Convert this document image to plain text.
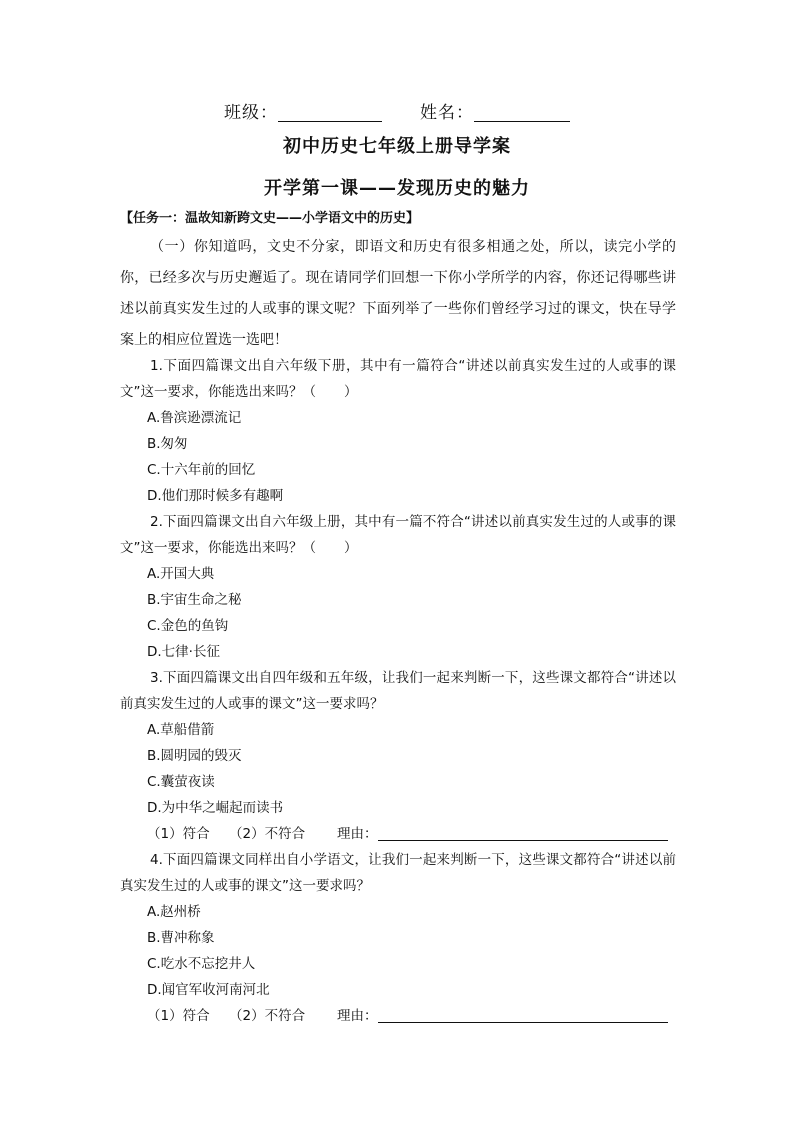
班级：	姓名：
初中历史七年级上册导学案
开学第一课——发现历史的魅力
【任务一：温故知新跨文史——小学语文中的历史】
（一）你知道吗，文史不分家，即语文和历史有很多相通之处，所以，读完小学的你，已经多次与历史邂逅了。现在请同学们回想一下你小学所学的内容，你还记得哪些讲述以前真实发生过的人或事的课文呢？下面列举了一些你们曾经学习过的课文，快在导学案上的相应位置选一选吧！
1.下面四篇课文出自六年级下册，其中有一篇符合“讲述以前真实发生过的人或事的课文”这一要求，你能选出来吗？（ ）
A.鲁滨逊漂流记
B.匆匆
C.十六年前的回忆
D.他们那时候多有趣啊
2.下面四篇课文出自六年级上册，其中有一篇不符合“讲述以前真实发生过的人或事的课文”这一要求，你能选出来吗？（ ）
A.开国大典
B.宇宙生命之秘
C.金色的鱼钩
D.七律·长征
3.下面四篇课文出自四年级和五年级，让我们一起来判断一下，这些课文都符合“讲述以前真实发生过的人或事的课文”这一要求吗？
A.草船借箭
B.圆明园的毁灭
C.囊萤夜读
D.为中华之崛起而读书
（1）符合 （2）不符合 理由：
4.下面四篇课文同样出自小学语文，让我们一起来判断一下，这些课文都符合“讲述以前真实发生过的人或事的课文”这一要求吗？
A.赵州桥
B.曹冲称象
C.吃水不忘挖井人
D.闻官军收河南河北
（1）符合 （2）不符合 理由：
